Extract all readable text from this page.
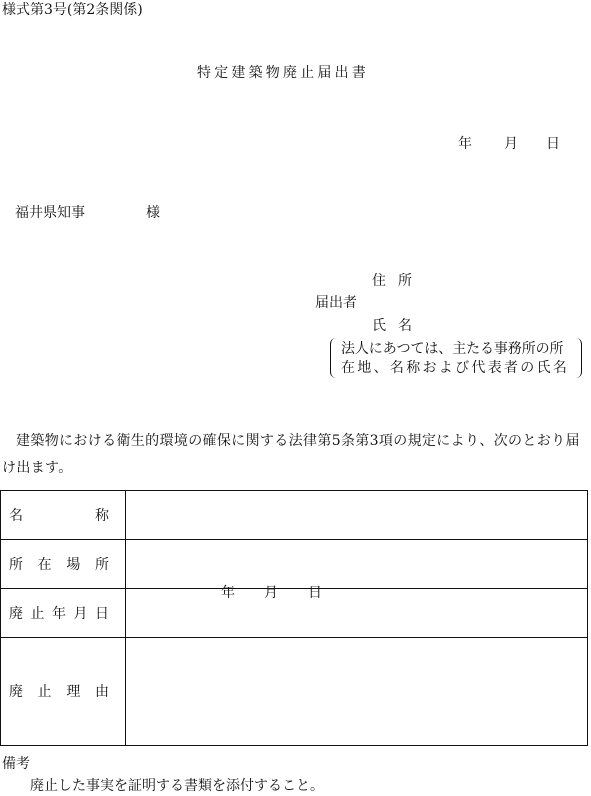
様式第3号(第2条関係)
特定建築物廃止届出書
年 月 日
福井県知事	様
住所
届出者
氏名
法人にあつては、主たる事務所の所
在地、名称および代表者の氏名
建築物における衛生的環境の確保に関する法律第5条第3項の規定により、次のとおり届け出ます。
名 称	

所 在 場 所	

廃 止 年 月 日	年 月 日

廃 止 理 由	

備考
廃止した事実を証明する書類を添付すること。
